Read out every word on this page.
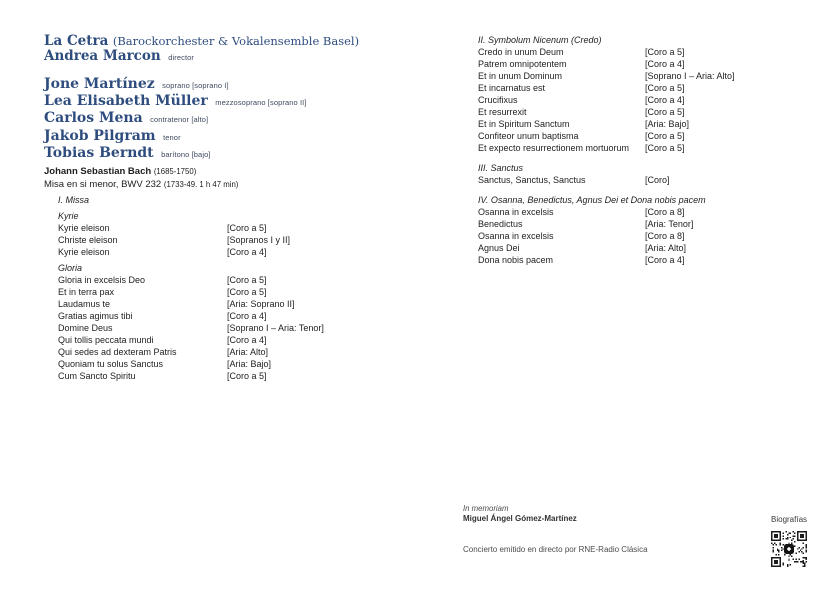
La Cetra (Barockorchester & Vokalensemble Basel)
Andrea Marcon director
Jone Martínez soprano [soprano I]
Lea Elisabeth Müller mezzosoprano [soprano II]
Carlos Mena contratenor [alto]
Jakob Pilgram tenor
Tobias Berndt barítono [bajo]
Johann Sebastian Bach (1685-1750)
Misa en si menor, BWV 232 (1733-49. 1 h 47 min)
I. Missa
Kyrie
Kyrie eleison	[Coro a 5]
Christe eleison	[Sopranos I y II]
Kyrie eleison	[Coro a 4]
Gloria
Gloria in excelsis Deo	[Coro a 5]
Et in terra pax	[Coro a 5]
Laudamus te	[Aria: Soprano II]
Gratias agimus tibi	[Coro a 4]
Domine Deus	[Soprano I – Aria: Tenor]
Qui tollis peccata mundi	[Coro a 4]
Qui sedes ad dexteram Patris	[Aria: Alto]
Quoniam tu solus Sanctus	[Aria: Bajo]
Cum Sancto Spiritu	[Coro a 5]
II. Symbolum Nicenum (Credo)
Credo in unum Deum	[Coro a 5]
Patrem omnipotentem	[Coro a 4]
Et in unum Dominum	[Soprano I – Aria: Alto]
Et incarnatus est	[Coro a 5]
Crucifixus	[Coro a 4]
Et resurrexit	[Coro a 5]
Et in Spiritum Sanctum	[Aria: Bajo]
Confiteor unum baptisma	[Coro a 5]
Et expecto resurrectionem mortuorum	[Coro a 5]
III. Sanctus
Sanctus, Sanctus, Sanctus	[Coro]
IV. Osanna, Benedictus, Agnus Dei et Dona nobis pacem
Osanna in excelsis	[Coro a 8]
Benedictus	[Aria: Tenor]
Osanna in excelsis	[Coro a 8]
Agnus Dei	[Aria: Alto]
Dona nobis pacem	[Coro a 4]
In memoriam
Miguel Ángel Gómez-Martínez
Concierto emitido en directo por RNE-Radio Clásica
Biografías
